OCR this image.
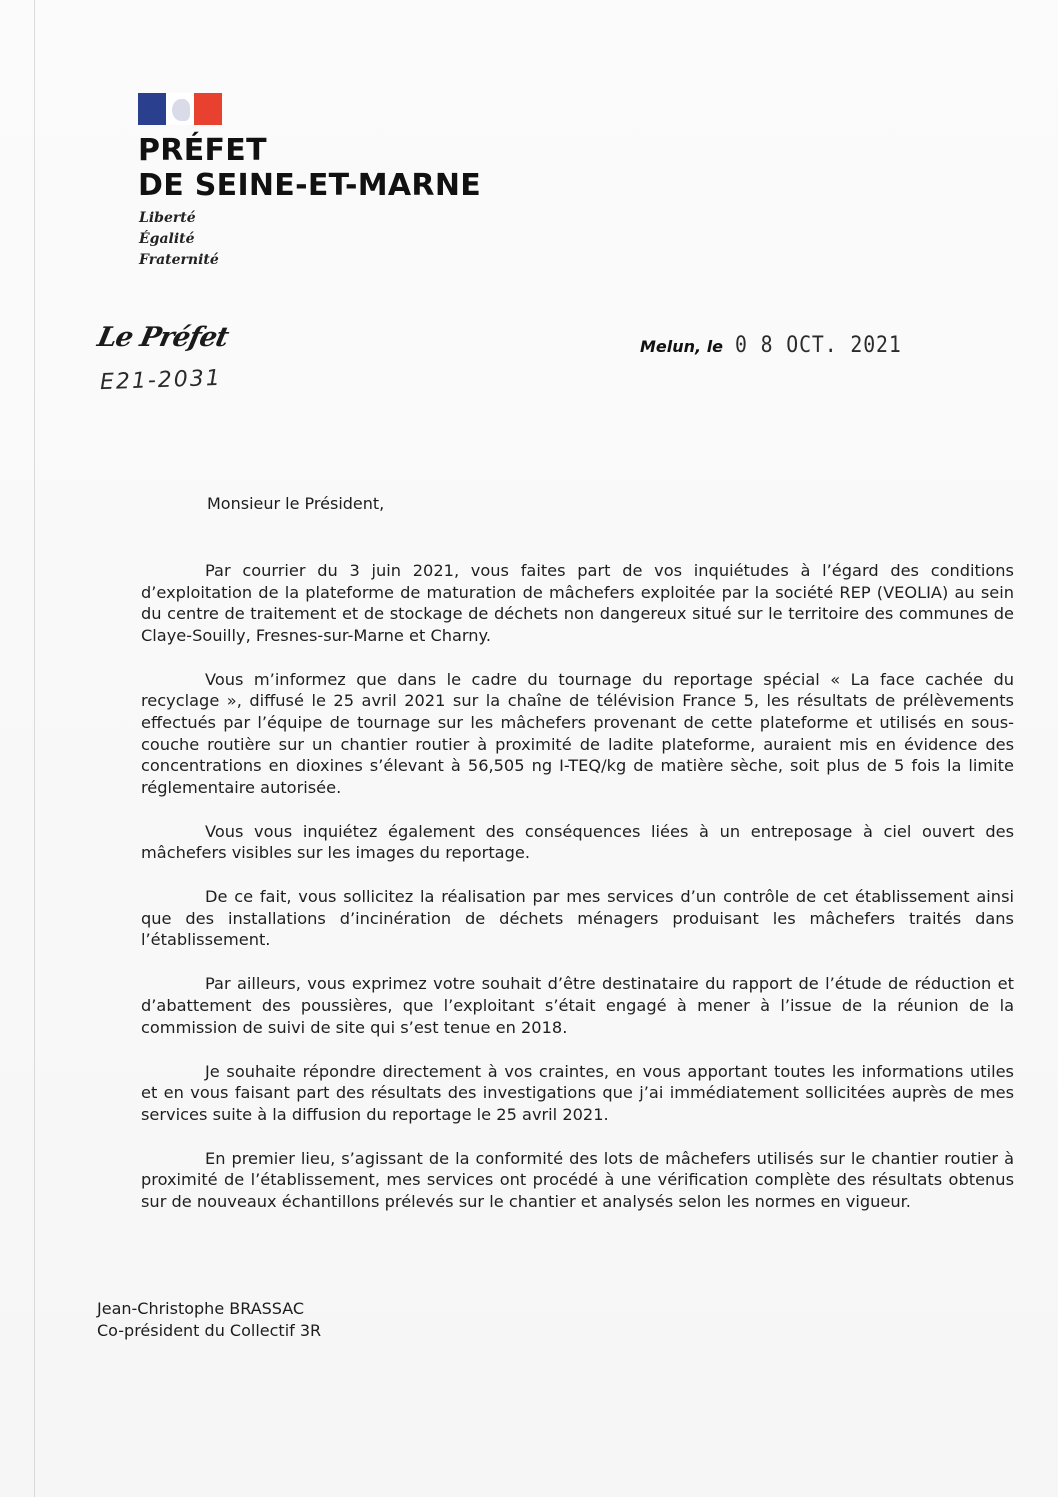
PRÉFET
DE SEINE-ET-MARNE
Liberté
Égalité
Fraternité
Le Préfet
E21-2031
Melun, le 0 8 OCT. 2021
Monsieur le Président,

Par courrier du 3 juin 2021, vous faites part de vos inquiétudes à l’égard des conditions d’exploitation de la plateforme de maturation de mâchefers exploitée par la société REP (VEOLIA) au sein du centre de traitement et de stockage de déchets non dangereux situé sur le territoire des communes de Claye-Souilly, Fresnes-sur-Marne et Charny.

Vous m’informez que dans le cadre du tournage du reportage spécial « La face cachée du recyclage », diffusé le 25 avril 2021 sur la chaîne de télévision France 5, les résultats de prélèvements effectués par l’équipe de tournage sur les mâchefers provenant de cette plateforme et utilisés en sous-couche routière sur un chantier routier à proximité de ladite plateforme, auraient mis en évidence des concentrations en dioxines s’élevant à 56,505 ng I-TEQ/kg de matière sèche, soit plus de 5 fois la limite réglementaire autorisée.

Vous vous inquiétez également des conséquences liées à un entreposage à ciel ouvert des mâchefers visibles sur les images du reportage.

De ce fait, vous sollicitez la réalisation par mes services d’un contrôle de cet établissement ainsi que des installations d’incinération de déchets ménagers produisant les mâchefers traités dans l’établissement.

Par ailleurs, vous exprimez votre souhait d’être destinataire du rapport de l’étude de réduction et d’abattement des poussières, que l’exploitant s’était engagé à mener à l’issue de la réunion de la commission de suivi de site qui s’est tenue en 2018.

Je souhaite répondre directement à vos craintes, en vous apportant toutes les informations utiles et en vous faisant part des résultats des investigations que j’ai immédiatement sollicitées auprès de mes services suite à la diffusion du reportage le 25 avril 2021.

En premier lieu, s’agissant de la conformité des lots de mâchefers utilisés sur le chantier routier à proximité de l’établissement, mes services ont procédé à une vérification complète des résultats obtenus sur de nouveaux échantillons prélevés sur le chantier et analysés selon les normes en vigueur.

Jean-Christophe BRASSAC
Co-président du Collectif 3R
